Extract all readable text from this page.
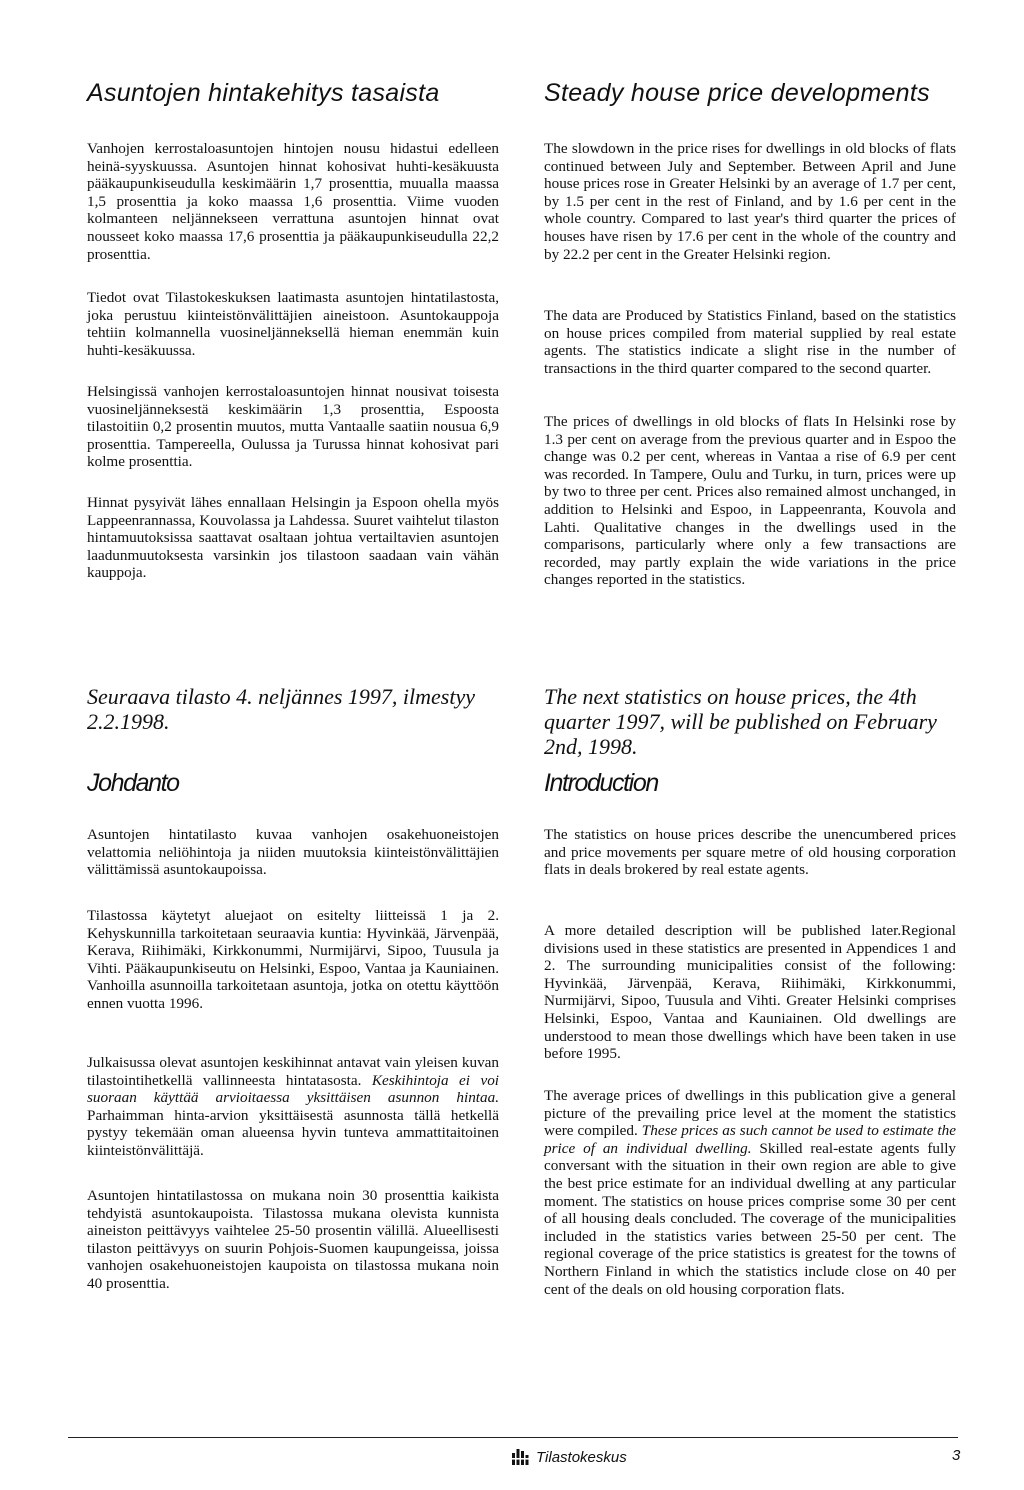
Asuntojen hintakehitys tasaista

Vanhojen kerrostaloasuntojen hintojen nousu hidastui edelleen heinä-syyskuussa. Asuntojen hinnat kohosivat huhti-kesäkuusta pääkaupunkiseudulla keskimäärin 1,7 prosenttia, muualla maassa 1,5 prosenttia ja koko maassa 1,6 prosenttia. Viime vuoden kolmanteen neljännekseen verrattuna asuntojen hinnat ovat nousseet koko maassa 17,6 prosenttia ja pääkaupunkiseudulla 22,2 prosenttia.

Tiedot ovat Tilastokeskuksen laatimasta asuntojen hintatilastosta, joka perustuu kiinteistönvälittäjien aineistoon. Asuntokauppoja tehtiin kolmannella vuosineljänneksellä hieman enemmän kuin huhti-kesäkuussa.

Helsingissä vanhojen kerrostaloasuntojen hinnat nousivat toisesta vuosineljänneksestä keskimäärin 1,3 prosenttia, Espoosta tilastoitiin 0,2 prosentin muutos, mutta Vantaalle saatiin nousua 6,9 prosenttia. Tampereella, Oulussa ja Turussa hinnat kohosivat pari kolme prosenttia.

Hinnat pysyivät lähes ennallaan Helsingin ja Espoon ohella myös Lappeenrannassa, Kouvolassa ja Lahdessa. Suuret vaihtelut tilaston hintamuutoksissa saattavat osaltaan johtua vertailtavien asuntojen laadunmuutoksesta varsinkin jos tilastoon saadaan vain vähän kauppoja.

Seuraava tilasto 4. neljännes 1997, ilmestyy 2.2.1998.

Johdanto

Asuntojen hintatilasto kuvaa vanhojen osakehuoneistojen velattomia neliöhintoja ja niiden muutoksia kiinteistönvälittäjien välittämissä asuntokaupoissa.

Tilastossa käytetyt aluejaot on esitelty liitteissä 1 ja 2. Kehyskunnilla tarkoitetaan seuraavia kuntia: Hyvinkää, Järvenpää, Kerava, Riihimäki, Kirkkonummi, Nurmijärvi, Sipoo, Tuusula ja Vihti. Pääkaupunkiseutu on Helsinki, Espoo, Vantaa ja Kauniainen. Vanhoilla asunnoilla tarkoitetaan asuntoja, jotka on otettu käyttöön ennen vuotta 1996.

Julkaisussa olevat asuntojen keskihinnat antavat vain yleisen kuvan tilastointihetkellä vallinneesta hintatasosta. Keskihintoja ei voi suoraan käyttää arvioitaessa yksittäisen asunnon hintaa. Parhaimman hinta-arvion yksittäisestä asunnosta tällä hetkellä pystyy tekemään oman alueensa hyvin tunteva ammattitaitoinen kiinteistönvälittäjä.

Asuntojen hintatilastossa on mukana noin 30 prosenttia kaikista tehdyistä asuntokaupoista. Tilastossa mukana olevista kunnista aineiston peittävyys vaihtelee 25-50 prosentin välillä. Alueellisesti tilaston peittävyys on suurin Pohjois-Suomen kaupungeissa, joissa vanhojen osakehuoneistojen kaupoista on tilastossa mukana noin 40 prosenttia.

Steady house price developments

The slowdown in the price rises for dwellings in old blocks of flats continued between July and September. Between April and June house prices rose in Greater Helsinki by an average of 1.7 per cent, by 1.5 per cent in the rest of Finland, and by 1.6 per cent in the whole country. Compared to last year's third quarter the prices of houses have risen by 17.6 per cent in the whole of the country and by 22.2 per cent in the Greater Helsinki region.

The data are Produced by Statistics Finland, based on the statistics on house prices compiled from material supplied by real estate agents. The statistics indicate a slight rise in the number of transactions in the third quarter compared to the second quarter.

The prices of dwellings in old blocks of flats In Helsinki rose by 1.3 per cent on average from the previous quarter and in Espoo the change was 0.2 per cent, whereas in Vantaa a rise of 6.9 per cent was recorded. In Tampere, Oulu and Turku, in turn, prices were up by two to three per cent. Prices also remained almost unchanged, in addition to Helsinki and Espoo, in Lappeenranta, Kouvola and Lahti. Qualitative changes in the dwellings used in the comparisons, particularly where only a few transactions are recorded, may partly explain the wide variations in the price changes reported in the statistics.

The next statistics on house prices, the 4th quarter 1997, will be published on February 2nd, 1998.

Introduction

The statistics on house prices describe the unencumbered prices and price movements per square metre of old housing corporation flats in deals brokered by real estate agents.

A more detailed description will be published later.Regional divisions used in these statistics are presented in Appendices 1 and 2. The surrounding municipalities consist of the following: Hyvinkää, Järvenpää, Kerava, Riihimäki, Kirkkonummi, Nurmijärvi, Sipoo, Tuusula and Vihti. Greater Helsinki comprises Helsinki, Espoo, Vantaa and Kauniainen. Old dwellings are understood to mean those dwellings which have been taken in use before 1995.

The average prices of dwellings in this publication give a general picture of the prevailing price level at the moment the statistics were compiled. These prices as such cannot be used to estimate the price of an individual dwelling. Skilled real-estate agents fully conversant with the situation in their own region are able to give the best price estimate for an individual dwelling at any particular moment. The statistics on house prices comprise some 30 per cent of all housing deals concluded. The coverage of the municipalities included in the statistics varies between 25-50 per cent. The regional coverage of the price statistics is greatest for the towns of Northern Finland in which the statistics include close on 40 per cent of the deals on old housing corporation flats.

Tilastokeskus	3
